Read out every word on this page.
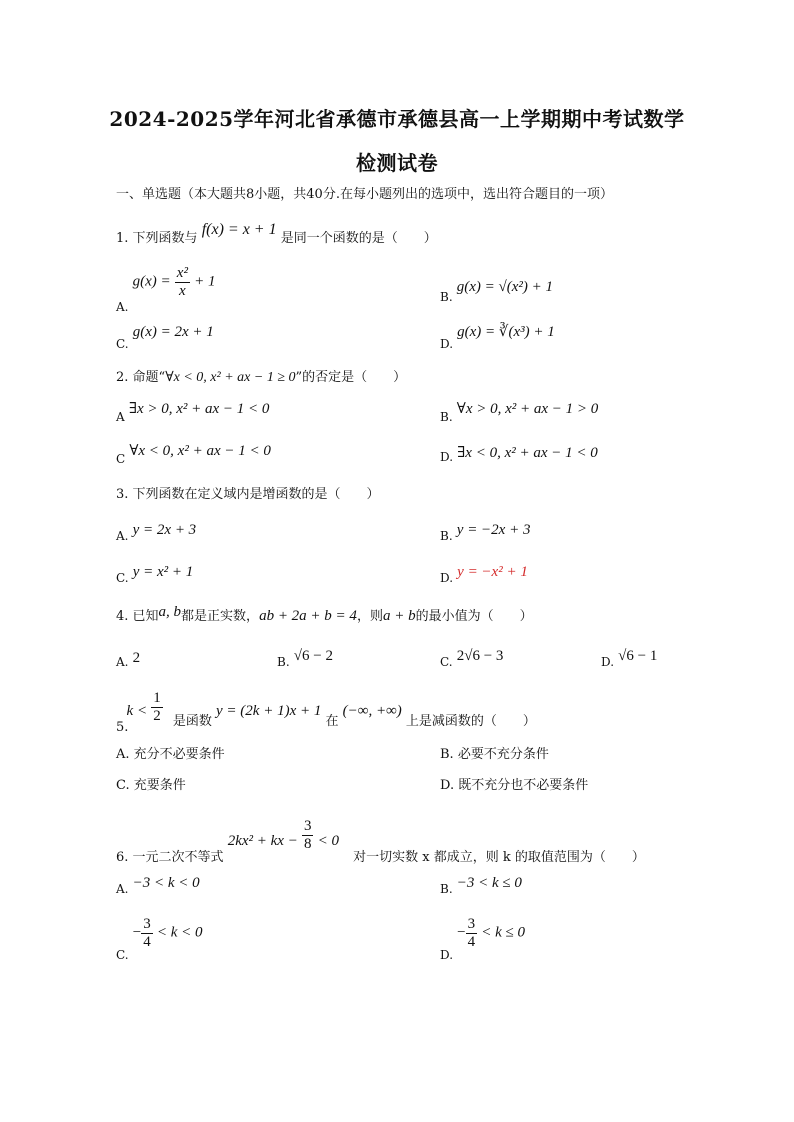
2024-2025学年河北省承德市承德县高一上学期期中考试数学
检测试卷
一、单选题（本大题共8小题，共40分.在每小题列出的选项中，选出符合题目的一项）
1. 下列函数与 f(x) = x + 1 是同一个函数的是（　　）
A. $g(x) = \frac{\text{x²}}{x} + 1$
B. g(x) = √(x²) + 1
C. g(x) = 2x + 1
D. g(x) = ∛(x³) + 1
2. 命题“∀x < 0, x² + ax − 1 ≥ 0”的否定是（　　）
A ∃x > 0, x² + ax − 1 < 0	B. ∀x > 0, x² + ax − 1 > 0
C ∀x < 0, x² + ax − 1 < 0	D. ∃x < 0, x² + ax − 1 < 0
3. 下列函数在定义域内是增函数的是（　　）
A. y = 2x + 3	B. y = −2x + 3
C. y = x² + 1	D. y = −x² + 1
4. 已知a, b都是正实数，ab + 2a + b = 4，则a + b的最小值为（　　）
A. 2	B. √6 − 2	C. 2√6 − 3	D. √6 − 1
5. $k < \frac{1}{2}$ 是函数 y = (2k + 1)x + 1 在 (−∞, +∞) 上是减函数的（　　）
A. 充分不必要条件	B. 必要不充分条件
C. 充要条件	D. 既不充分也不必要条件
6. 一元二次不等式 2kx² + kx − $\frac{3}{8} < 0$ 对一切实数 x 都成立，则 k 的取值范围为（　　）
A. −3 < k < 0	B. −3 < k ≤ 0
C. − $\frac{3}{4} < k < 0$
D. − $\frac{3}{4} < k \le 0$
